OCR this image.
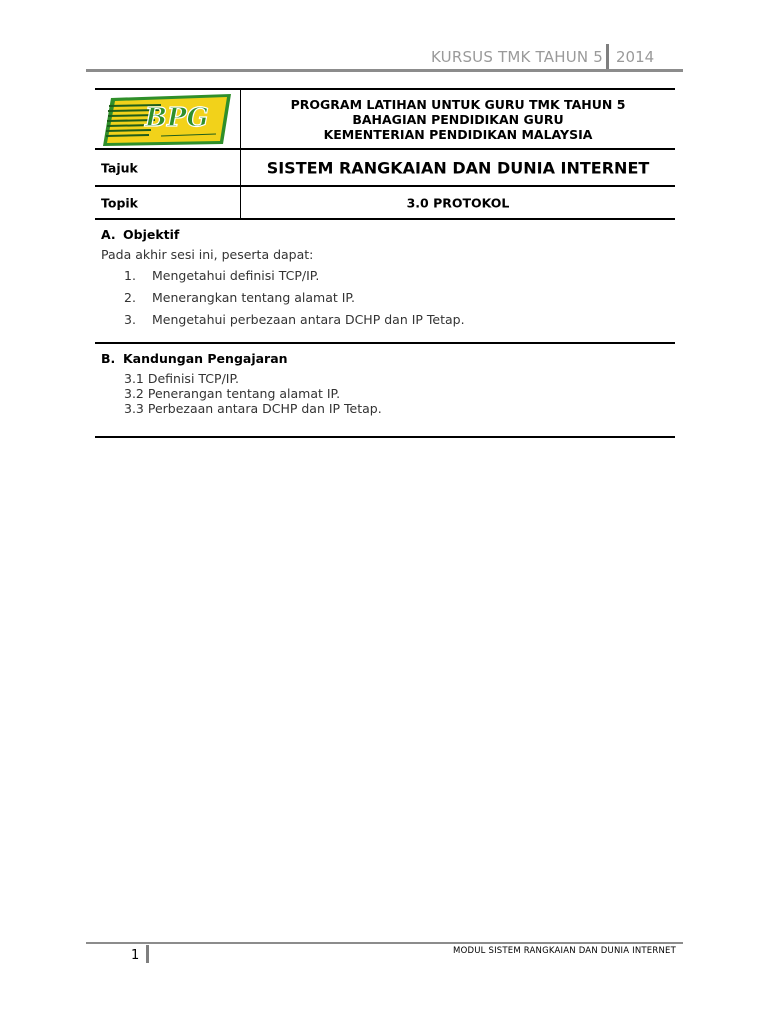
KURSUS TMK TAHUN 5 2014
BPG	PROGRAM LATIHAN UNTUK GURU TMK TAHUN 5
BAHAGIAN PENDIDIKAN GURU
KEMENTERIAN PENDIDIKAN MALAYSIA
Tajuk	SISTEM RANGKAIAN DAN DUNIA INTERNET
Topik	3.0 PROTOKOL
A. Objektif
Pada akhir sesi ini, peserta dapat:
1. Mengetahui definisi TCP/IP.
2. Menerangkan tentang alamat IP.
3. Mengetahui perbezaan antara DCHP dan IP Tetap.
B. Kandungan Pengajaran
3.1 Definisi TCP/IP.
3.2 Penerangan tentang alamat IP.
3.3 Perbezaan antara DCHP dan IP Tetap.
1	MODUL SISTEM RANGKAIAN DAN DUNIA INTERNET
